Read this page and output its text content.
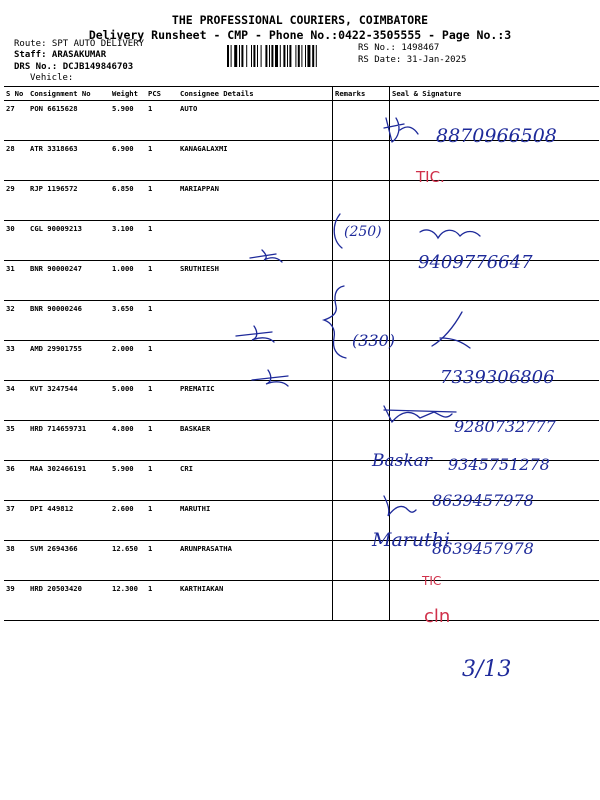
THE PROFESSIONAL COURIERS, COIMBATORE
Delivery Runsheet - CMP - Phone No.:0422-3505555 - Page No.:3
Route: SPT AUTO DELIVERY
Staff: ARASAKUMAR
DRS No.: DCJB149846703
Vehicle:
RS No.: 1498467
RS Date: 31-Jan-2025
S No	Consignment No	Weight	PCS	Consignee Details	Remarks	Seal & Signature
27	PON 6615628	5.900	1	AUTO		
28	ATR 3318663	6.900	1	KANAGALAXMI		
29	RJP 1196572	6.850	1	MARIAPPAN		
30	CGL 90009213	3.100	1			
31	BNR 90000247	1.000	1	SRUTHIESH		
32	BNR 90000246	3.650	1			
33	AMD 29901755	2.000	1			
34	KVT 3247544	5.000	1	PREMATIC		
35	HRD 714659731	4.800	1	BASKAER		
36	MAA 302466191	5.900	1	CRI		
37	DPI 449812	2.600	1	MARUTHI		
38	SVM 2694366	12.650	1	ARUNPRASATHA		
39	HRD 20503420	12.300	1	KARTHIAKAN		
8870966508
(250)
9409776647
(330)
7339306806
9280732777
Baskar 9345751278
8639457978
Maruthi
8639457978
3/13
TIC.
TIC
cln
